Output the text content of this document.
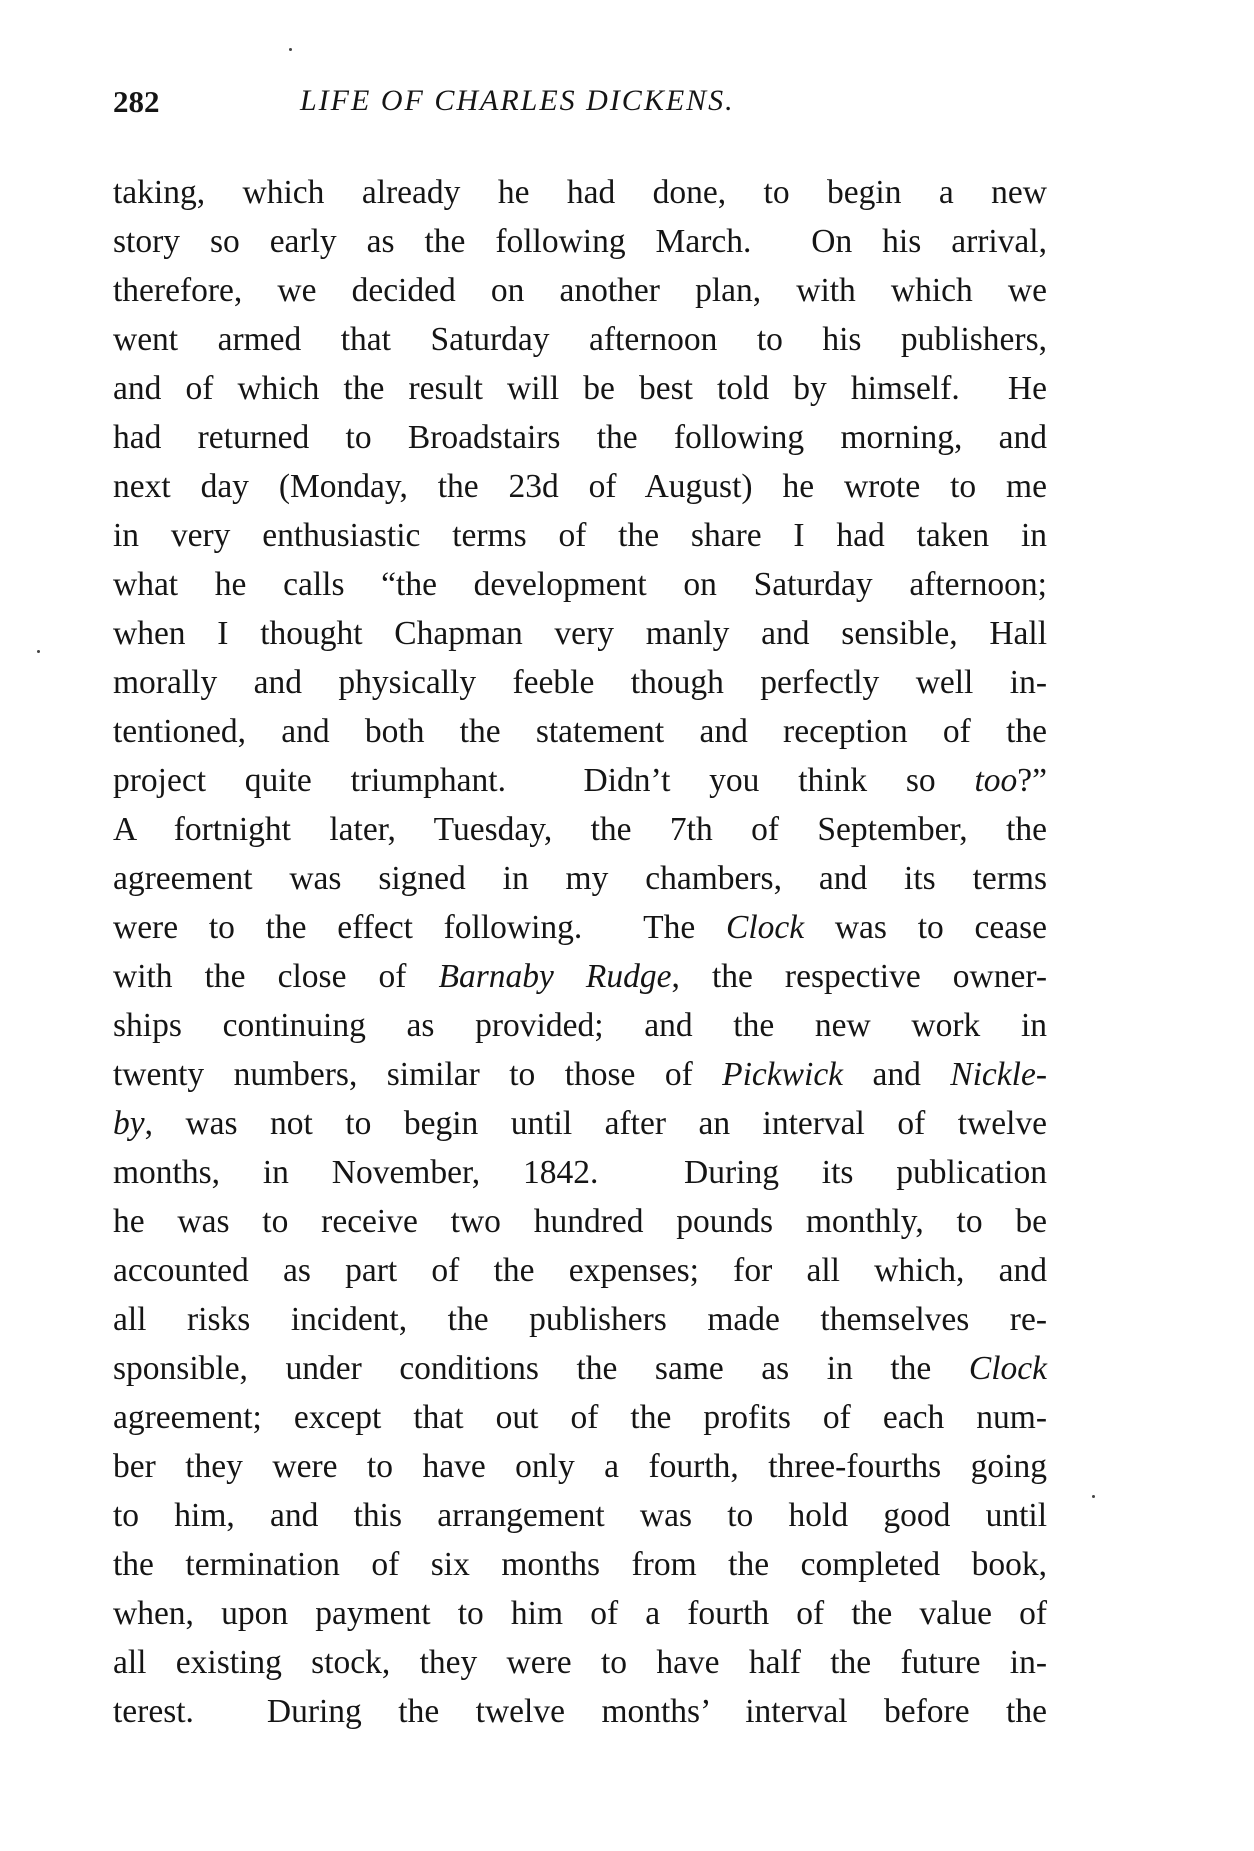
282	LIFE OF CHARLES DICKENS.
taking, which already he had done, to begin a new
story so early as the following March.  On his arrival,
therefore, we decided on another plan, with which we
went armed that Saturday afternoon to his publishers,
and of which the result will be best told by himself.  He
had returned to Broadstairs the following morning, and
next day (Monday, the 23d of August) he wrote to me
in very enthusiastic terms of the share I had taken in
what he calls “the development on Saturday afternoon;
when I thought Chapman very manly and sensible, Hall
morally and physically feeble though perfectly well in-
tentioned, and both the statement and reception of the
project quite triumphant.  Didn’t you think so too?”
A fortnight later, Tuesday, the 7th of September, the
agreement was signed in my chambers, and its terms
were to the effect following.  The Clock was to cease
with the close of Barnaby Rudge, the respective owner-
ships continuing as provided; and the new work in
twenty numbers, similar to those of Pickwick and Nickle-
by, was not to begin until after an interval of twelve
months, in November, 1842.  During its publication
he was to receive two hundred pounds monthly, to be
accounted as part of the expenses; for all which, and
all risks incident, the publishers made themselves re-
sponsible, under conditions the same as in the Clock
agreement; except that out of the profits of each num-
ber they were to have only a fourth, three-fourths going
to him, and this arrangement was to hold good until
the termination of six months from the completed book,
when, upon payment to him of a fourth of the value of
all existing stock, they were to have half the future in-
terest.  During the twelve months’ interval before the
